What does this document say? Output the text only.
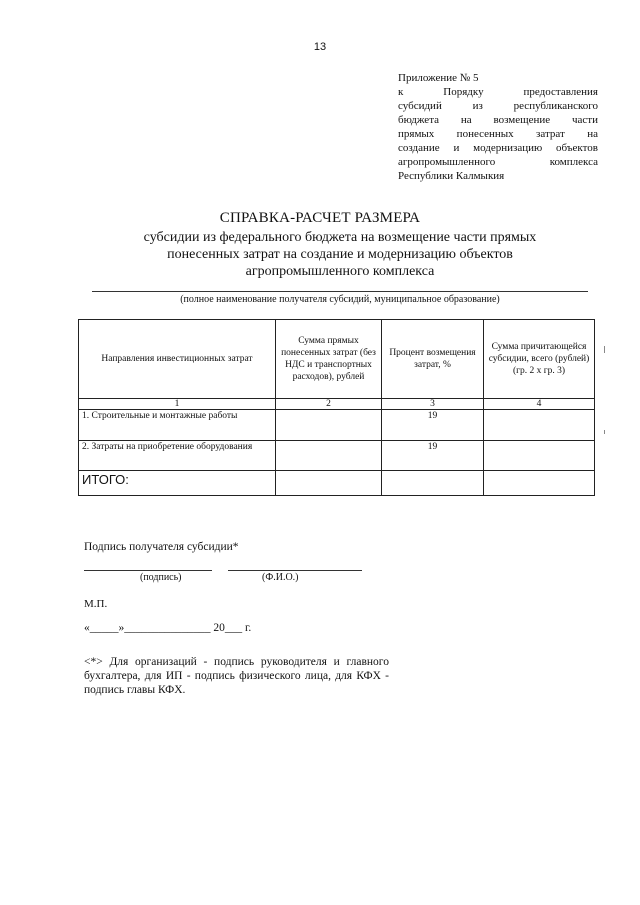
13
Приложение № 5
к Порядку предоставления
субсидий из республиканского
бюджета на возмещение части
прямых понесенных затрат на
создание и модернизацию объектов
агропромышленного комплекса
Республики Калмыкия
СПРАВКА-РАСЧЕТ РАЗМЕРА
субсидии из федерального бюджета на возмещение части прямых понесенных затрат на создание и модернизацию объектов агропромышленного комплекса
(полное наименование получателя субсидий, муниципальное образование)
Направления инвестиционных затрат	Сумма прямых понесенных затрат (без НДС и транспортных расходов), рублей	Процент возмещения затрат, %	Сумма причитающейся субсидии, всего (рублей) (гр. 2 х гр. 3)
1	2	3	4
1. Строительные и монтажные работы		19	
2. Затраты на приобретение оборудования		19	
ИТОГО:			
Подпись получателя субсидии*
(подпись)	(Ф.И.О.)
М.П.
«_____»_______________ 20___ г.
<*> Для организаций - подпись руководителя и главного бухгалтера, для ИП - подпись физического лица, для КФХ - подпись главы КФХ.
